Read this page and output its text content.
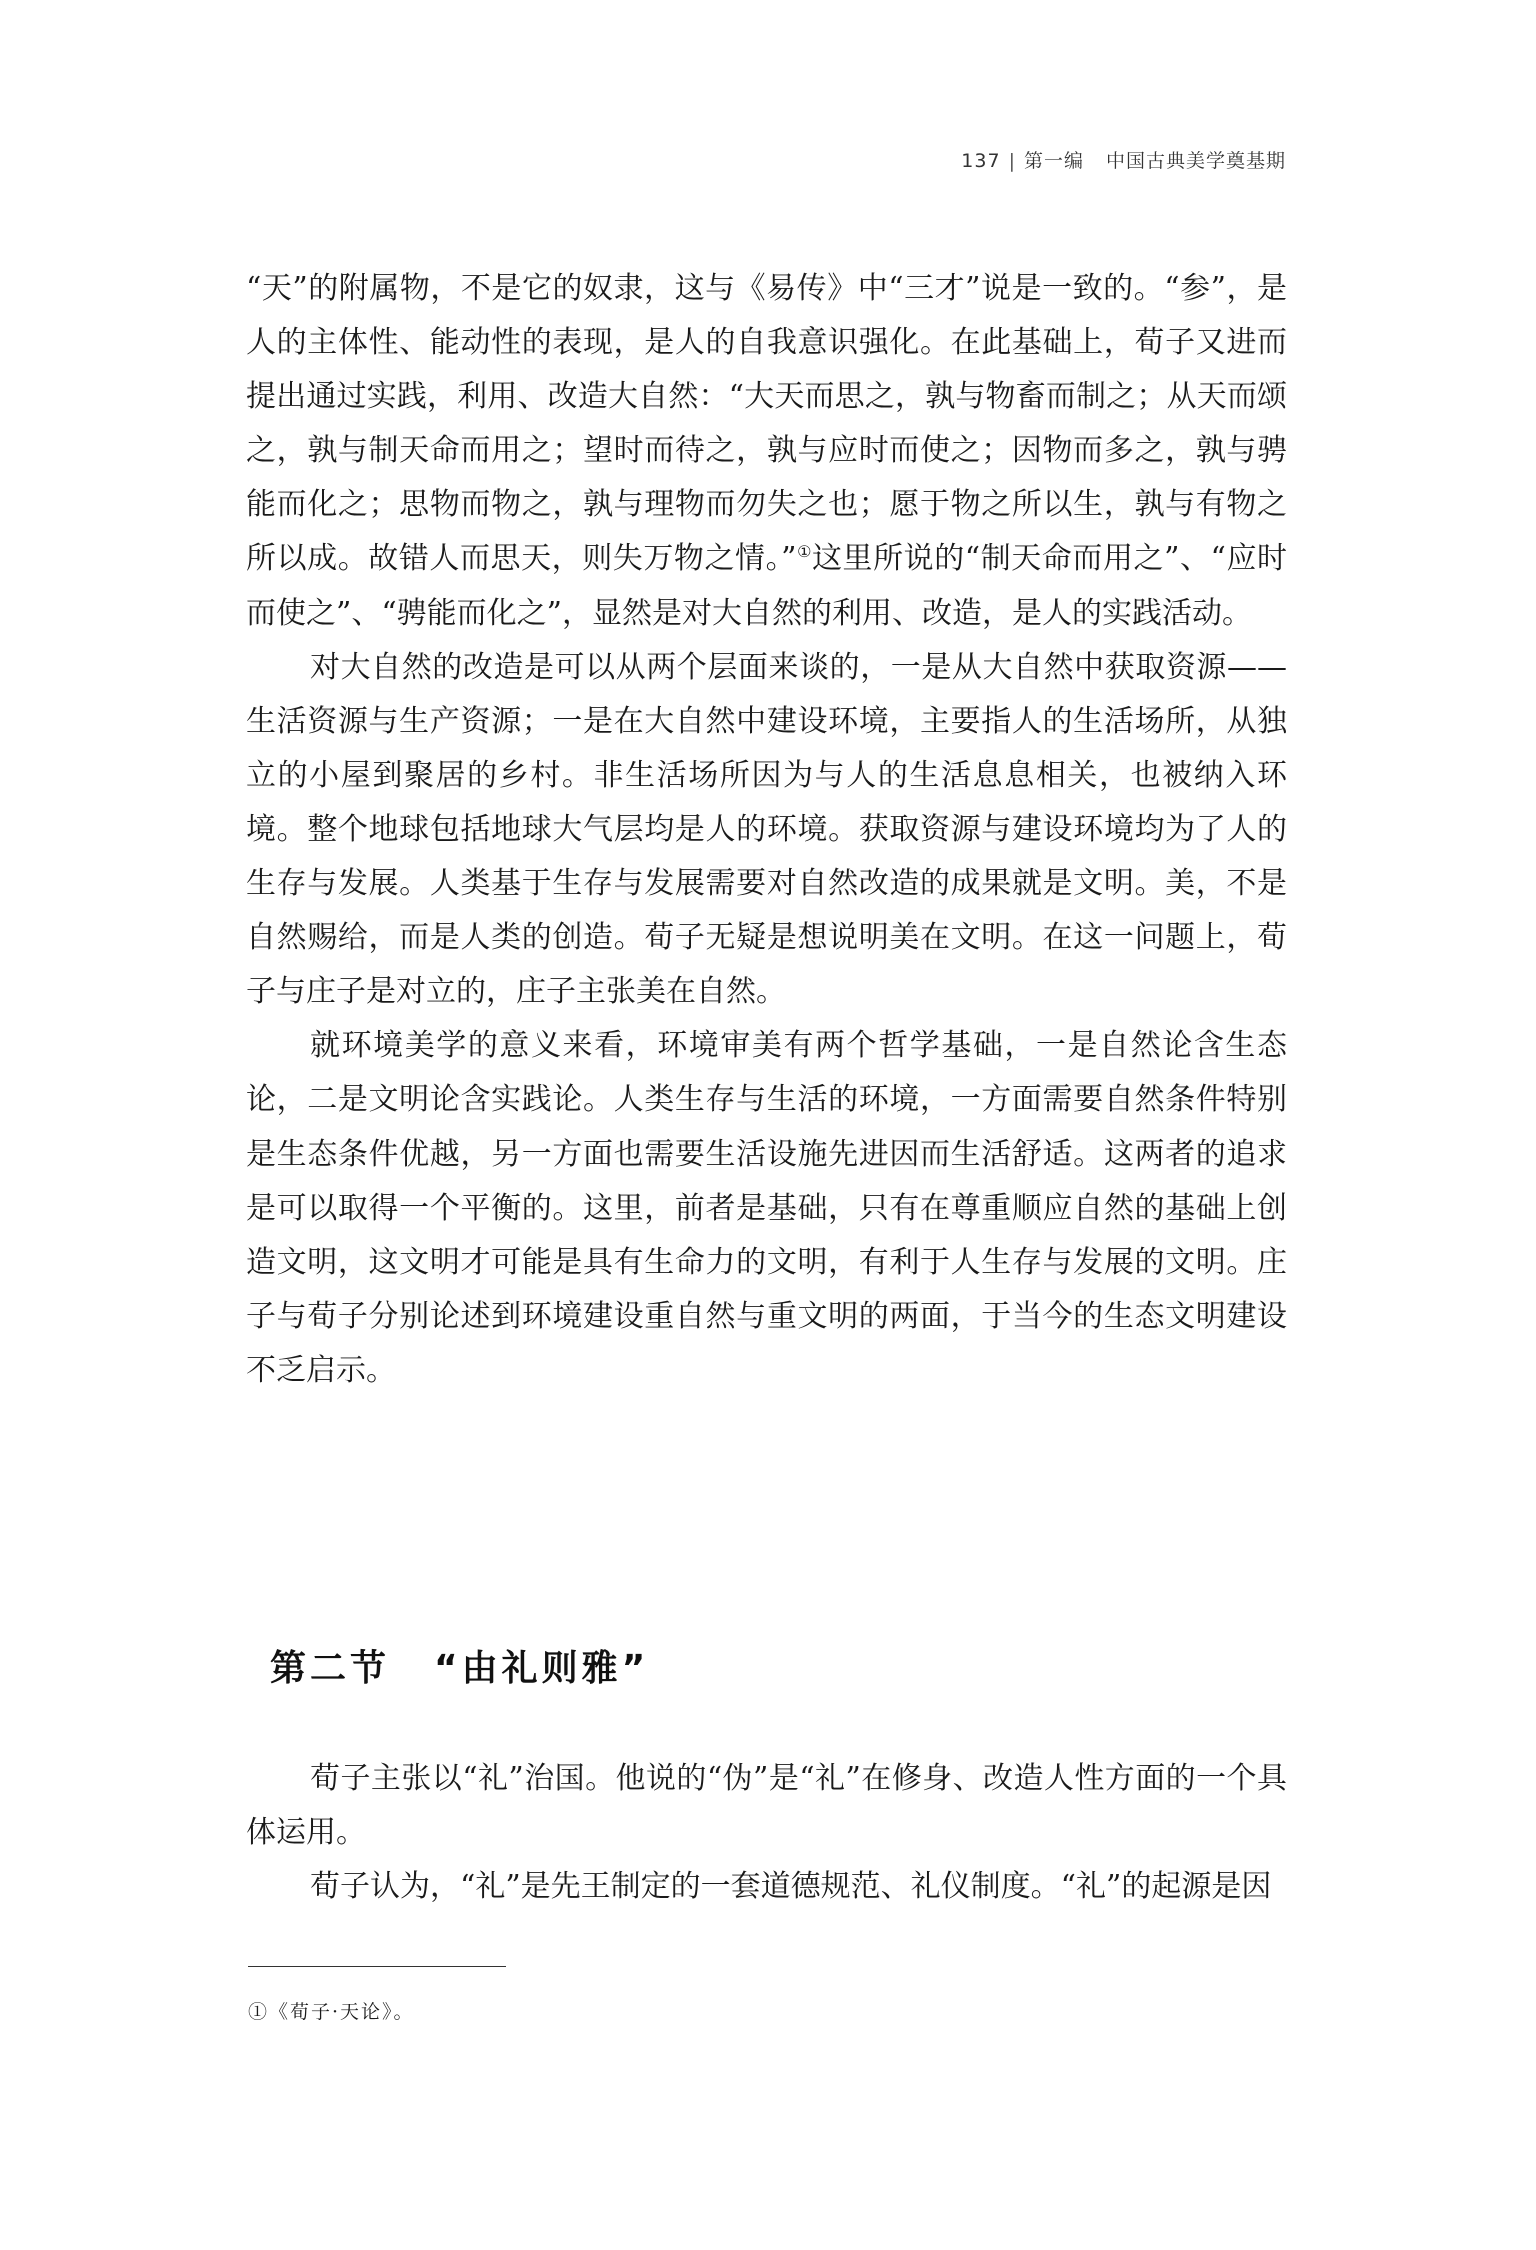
137 | 第一编 中国古典美学奠基期

“天”的附属物，不是它的奴隶，这与《易传》中“三才”说是一致的。“参”，是人的主体性、能动性的表现，是人的自我意识强化。在此基础上，荀子又进而提出通过实践，利用、改造大自然：“大天而思之，孰与物畜而制之；从天而颂之，孰与制天命而用之；望时而待之，孰与应时而使之；因物而多之，孰与骋能而化之；思物而物之，孰与理物而勿失之也；愿于物之所以生，孰与有物之所以成。故错人而思天，则失万物之情。”①这里所说的“制天命而用之”、“应时而使之”、“骋能而化之”，显然是对大自然的利用、改造，是人的实践活动。

对大自然的改造是可以从两个层面来谈的，一是从大自然中获取资源——生活资源与生产资源；一是在大自然中建设环境，主要指人的生活场所，从独立的小屋到聚居的乡村。非生活场所因为与人的生活息息相关，也被纳入环境。整个地球包括地球大气层均是人的环境。获取资源与建设环境均为了人的生存与发展。人类基于生存与发展需要对自然改造的成果就是文明。美，不是自然赐给，而是人类的创造。荀子无疑是想说明美在文明。在这一问题上，荀子与庄子是对立的，庄子主张美在自然。

就环境美学的意义来看，环境审美有两个哲学基础，一是自然论含生态论，二是文明论含实践论。人类生存与生活的环境，一方面需要自然条件特别是生态条件优越，另一方面也需要生活设施先进因而生活舒适。这两者的追求是可以取得一个平衡的。这里，前者是基础，只有在尊重顺应自然的基础上创造文明，这文明才可能是具有生命力的文明，有利于人生存与发展的文明。庄子与荀子分别论述到环境建设重自然与重文明的两面，于当今的生态文明建设不乏启示。

第二节 “由礼则雅”

荀子主张以“礼”治国。他说的“伪”是“礼”在修身、改造人性方面的一个具体运用。

荀子认为，“礼”是先王制定的一套道德规范、礼仪制度。“礼”的起源是因

①《荀子·天论》。
